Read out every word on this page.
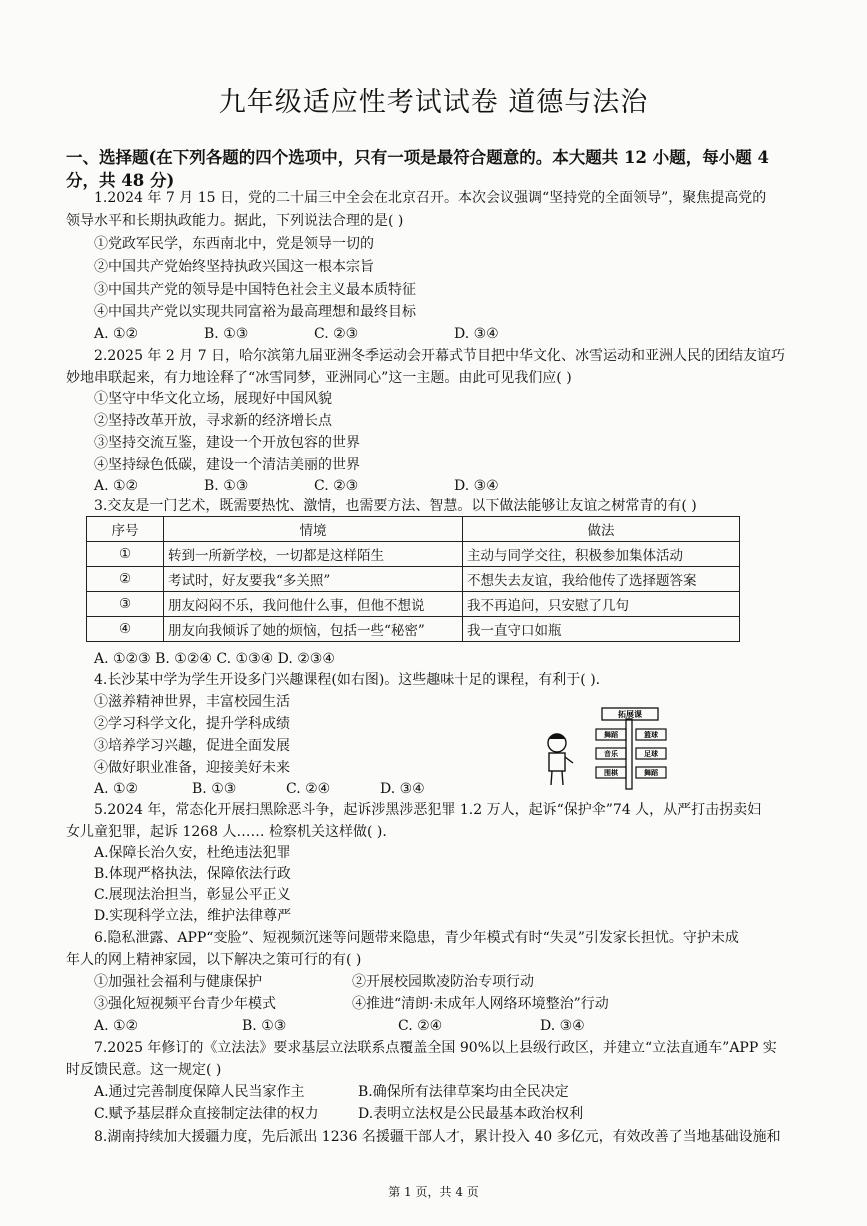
九年级适应性考试试卷 道德与法治
一、选择题(在下列各题的四个选项中，只有一项是最符合题意的。本大题共 12 小题，每小题 4 分，共 48 分)
1.2024 年 7 月 15 日，党的二十届三中全会在北京召开。本次会议强调“坚持党的全面领导”，聚焦提高党的
领导水平和长期执政能力。据此，下列说法合理的是( )
①党政军民学，东西南北中，党是领导一切的
②中国共产党始终坚持执政兴国这一根本宗旨
③中国共产党的领导是中国特色社会主义最本质特征
④中国共产党以实现共同富裕为最高理想和最终目标
A. ①②	B. ①③	C. ②③	D. ③④
2.2025 年 2 月 7 日，哈尔滨第九届亚洲冬季运动会开幕式节目把中华文化、冰雪运动和亚洲人民的团结友谊巧
妙地串联起来，有力地诠释了“冰雪同梦，亚洲同心”这一主题。由此可见我们应( )
①坚守中华文化立场，展现好中国风貌
②坚持改革开放，寻求新的经济增长点
③坚持交流互鉴，建设一个开放包容的世界
④坚持绿色低碳，建设一个清洁美丽的世界
A. ①②	B. ①③	C. ②③	D. ③④
3.交友是一门艺术，既需要热忱、激情，也需要方法、智慧。以下做法能够让友谊之树常青的有( )
序号	情境	做法
①	转到一所新学校，一切都是这样陌生	主动与同学交往，积极参加集体活动
②	考试时，好友要我“多关照”	不想失去友谊，我给他传了选择题答案
③	朋友闷闷不乐，我问他什么事，但他不想说	我不再追问，只安慰了几句
④	朋友向我倾诉了她的烦恼，包括一些“秘密”	我一直守口如瓶
A. ①②③ B. ①②④ C. ①③④ D. ②③④
4.长沙某中学为学生开设多门兴趣课程(如右图)。这些趣味十足的课程，有利于( ).
①滋养精神世界，丰富校园生活
②学习科学文化，提升学科成绩
③培养学习兴趣，促进全面发展
④做好职业准备，迎接美好未来
A. ①②	B. ①③	C. ②④	D. ③④
拓展课
舞蹈	篮球
音乐	足球
围棋	舞蹈
5.2024 年，常态化开展扫黑除恶斗争，起诉涉黑涉恶犯罪 1.2 万人，起诉“保护伞”74 人，从严打击拐卖妇
女儿童犯罪，起诉 1268 人…… 检察机关这样做( ).
A.保障长治久安，杜绝违法犯罪
B.体现严格执法，保障依法行政
C.展现法治担当，彰显公平正义
D.实现科学立法，维护法律尊严
6.隐私泄露、APP“变脸”、短视频沉迷等问题带来隐患，青少年模式有时“失灵”引发家长担忧。守护未成
年人的网上精神家园，以下解决之策可行的有( )
①加强社会福利与健康保护	②开展校园欺凌防治专项行动
③强化短视频平台青少年模式	④推进“清朗·未成年人网络环境整治”行动
A. ①②	B. ①③	C. ②④	D. ③④
7.2025 年修订的《立法法》要求基层立法联系点覆盖全国 90%以上县级行政区，并建立“立法直通车”APP 实
时反馈民意。这一规定( )
A.通过完善制度保障人民当家作主	B.确保所有法律草案均由全民决定
C.赋予基层群众直接制定法律的权力	D.表明立法权是公民最基本政治权利
8.湖南持续加大援疆力度，先后派出 1236 名援疆干部人才，累计投入 40 多亿元，有效改善了当地基础设施和
第 1 页，共 4 页
